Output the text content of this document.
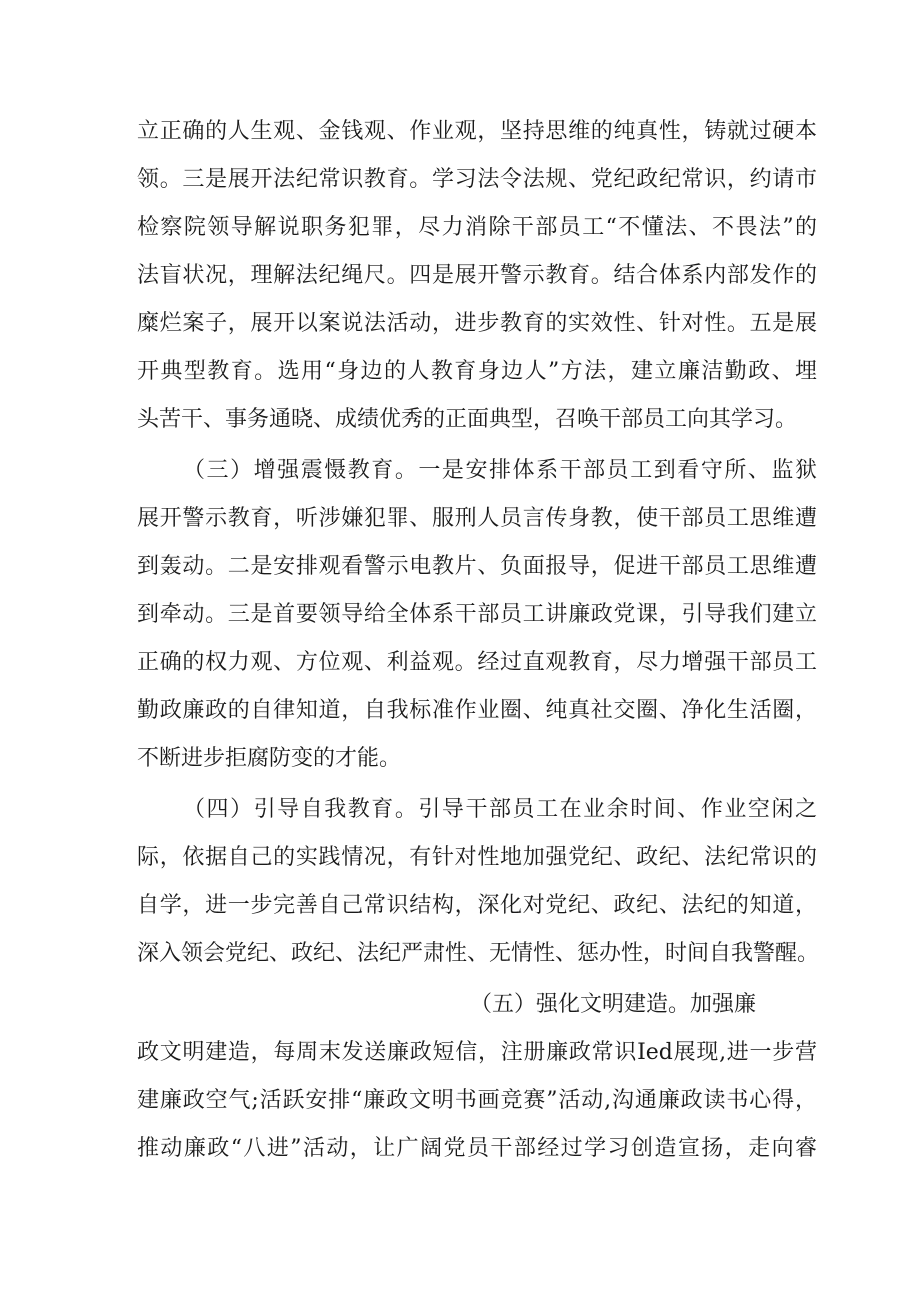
立正确的人生观、金钱观、作业观，坚持思维的纯真性，铸就过硬本
领。三是展开法纪常识教育。学习法令法规、党纪政纪常识，约请市
检察院领导解说职务犯罪，尽力消除干部员工“不懂法、不畏法”的
法盲状况，理解法纪绳尺。四是展开警示教育。结合体系内部发作的
糜烂案子，展开以案说法活动，进步教育的实效性、针对性。五是展
开典型教育。选用“身边的人教育身边人”方法，建立廉洁勤政、埋
头苦干、事务通晓、成绩优秀的正面典型，召唤干部员工向其学习。
（三）增强震慑教育。一是安排体系干部员工到看守所、监狱
展开警示教育，听涉嫌犯罪、服刑人员言传身教，使干部员工思维遭
到轰动。二是安排观看警示电教片、负面报导，促进干部员工思维遭
到牵动。三是首要领导给全体系干部员工讲廉政党课，引导我们建立
正确的权力观、方位观、利益观。经过直观教育，尽力增强干部员工
勤政廉政的自律知道，自我标准作业圈、纯真社交圈、净化生活圈，
不断进步拒腐防变的才能。
（四）引导自我教育。引导干部员工在业余时间、作业空闲之
际，依据自己的实践情况，有针对性地加强党纪、政纪、法纪常识的
自学，进一步完善自己常识结构，深化对党纪、政纪、法纪的知道，
深入领会党纪、政纪、法纪严肃性、无情性、惩办性，时间自我警醒。
（五）强化文明建造。加强廉
政文明建造，每周末发送廉政短信，注册廉政常识Ied展现,进一步营
建廉政空气;活跃安排“廉政文明书画竞赛”活动,沟通廉政读书心得，
推动廉政“八进”活动，让广阔党员干部经过学习创造宣扬，走向睿
